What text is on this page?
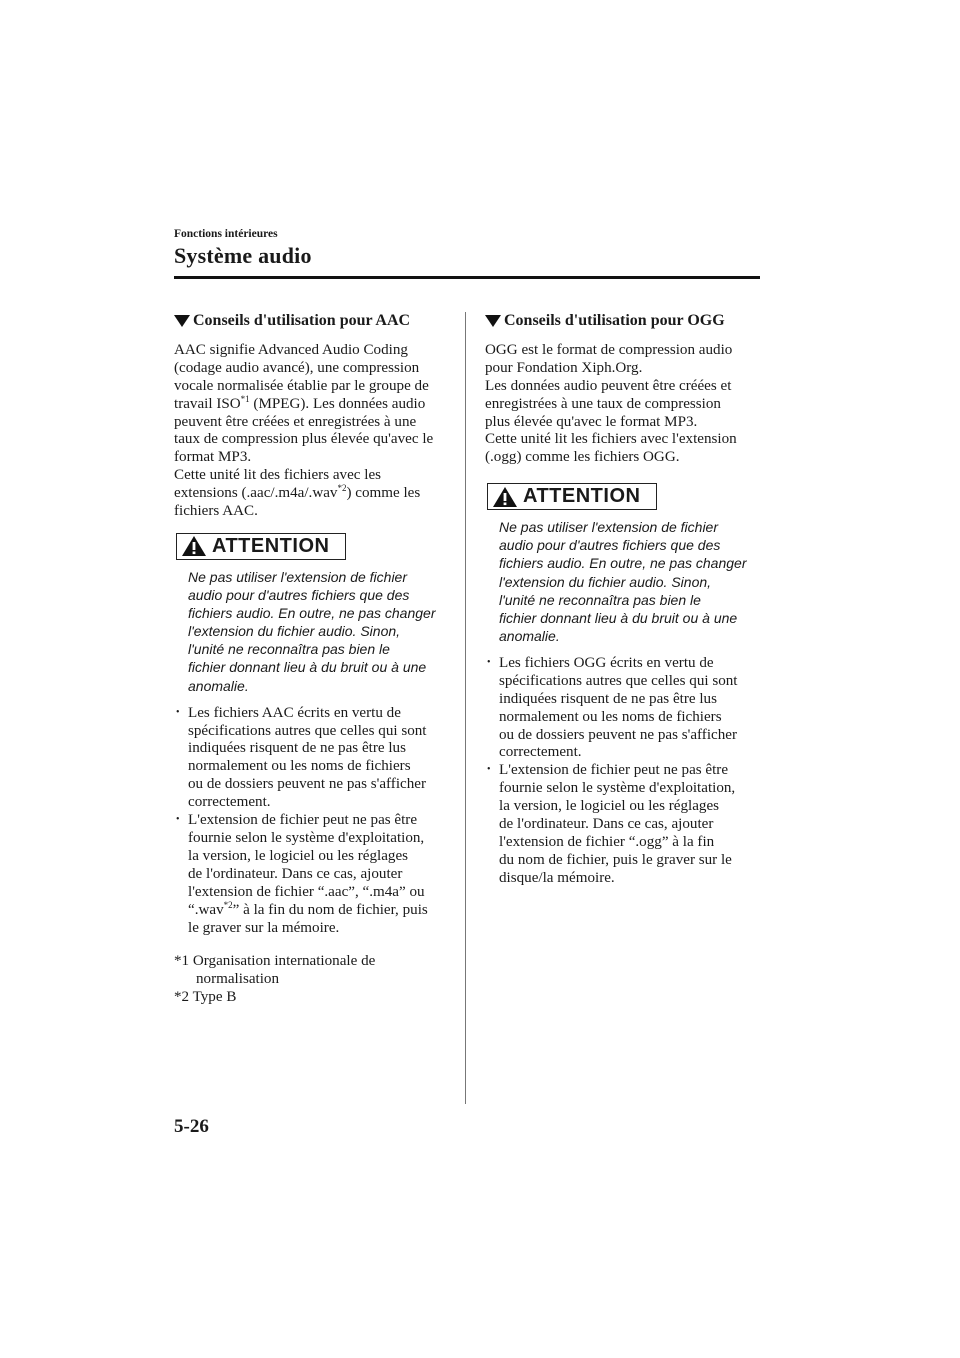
Fonctions intérieures
Système audio
Conseils d'utilisation pour AAC

AAC signifie Advanced Audio Coding
(codage audio avancé), une compression
vocale normalisée établie par le groupe de
travail ISO$^{*1}$ (MPEG). Les données audio
peuvent être créées et enregistrées à une
taux de compression plus élevée qu'avec le
format MP3.
Cette unité lit des fichiers avec les
extensions (.aac/.m4a/.wav$^{*2}$) comme les
fichiers AAC.

ATTENTION

Ne pas utiliser l'extension de fichier
audio pour d'autres fichiers que des
fichiers audio. En outre, ne pas changer
l'extension du fichier audio. Sinon,
l'unité ne reconnaîtra pas bien le
fichier donnant lieu à du bruit ou à une
anomalie.

• Les fichiers AAC écrits en vertu de
spécifications autres que celles qui sont
indiquées risquent de ne pas être lus
normalement ou les noms de fichiers
ou de dossiers peuvent ne pas s'afficher
correctement.
• L'extension de fichier peut ne pas être
fournie selon le système d'exploitation,
la version, le logiciel ou les réglages
de l'ordinateur. Dans ce cas, ajouter
l'extension de fichier “.aac”, “.m4a” ou
“.wav$^{*2}$” à la fin du nom de fichier, puis
le graver sur la mémoire.
*1 Organisation internationale de
normalisation
*2 Type B
Conseils d'utilisation pour OGG

OGG est le format de compression audio
pour Fondation Xiph.Org.
Les données audio peuvent être créées et
enregistrées à une taux de compression
plus élevée qu'avec le format MP3.
Cette unité lit les fichiers avec l'extension
(.ogg) comme les fichiers OGG.

ATTENTION

Ne pas utiliser l'extension de fichier
audio pour d'autres fichiers que des
fichiers audio. En outre, ne pas changer
l'extension du fichier audio. Sinon,
l'unité ne reconnaîtra pas bien le
fichier donnant lieu à du bruit ou à une
anomalie.

• Les fichiers OGG écrits en vertu de
spécifications autres que celles qui sont
indiquées risquent de ne pas être lus
normalement ou les noms de fichiers
ou de dossiers peuvent ne pas s'afficher
correctement.
• L'extension de fichier peut ne pas être
fournie selon le système d'exploitation,
la version, le logiciel ou les réglages
de l'ordinateur. Dans ce cas, ajouter
l'extension de fichier “.ogg” à la fin
du nom de fichier, puis le graver sur le
disque/la mémoire.
5-26
